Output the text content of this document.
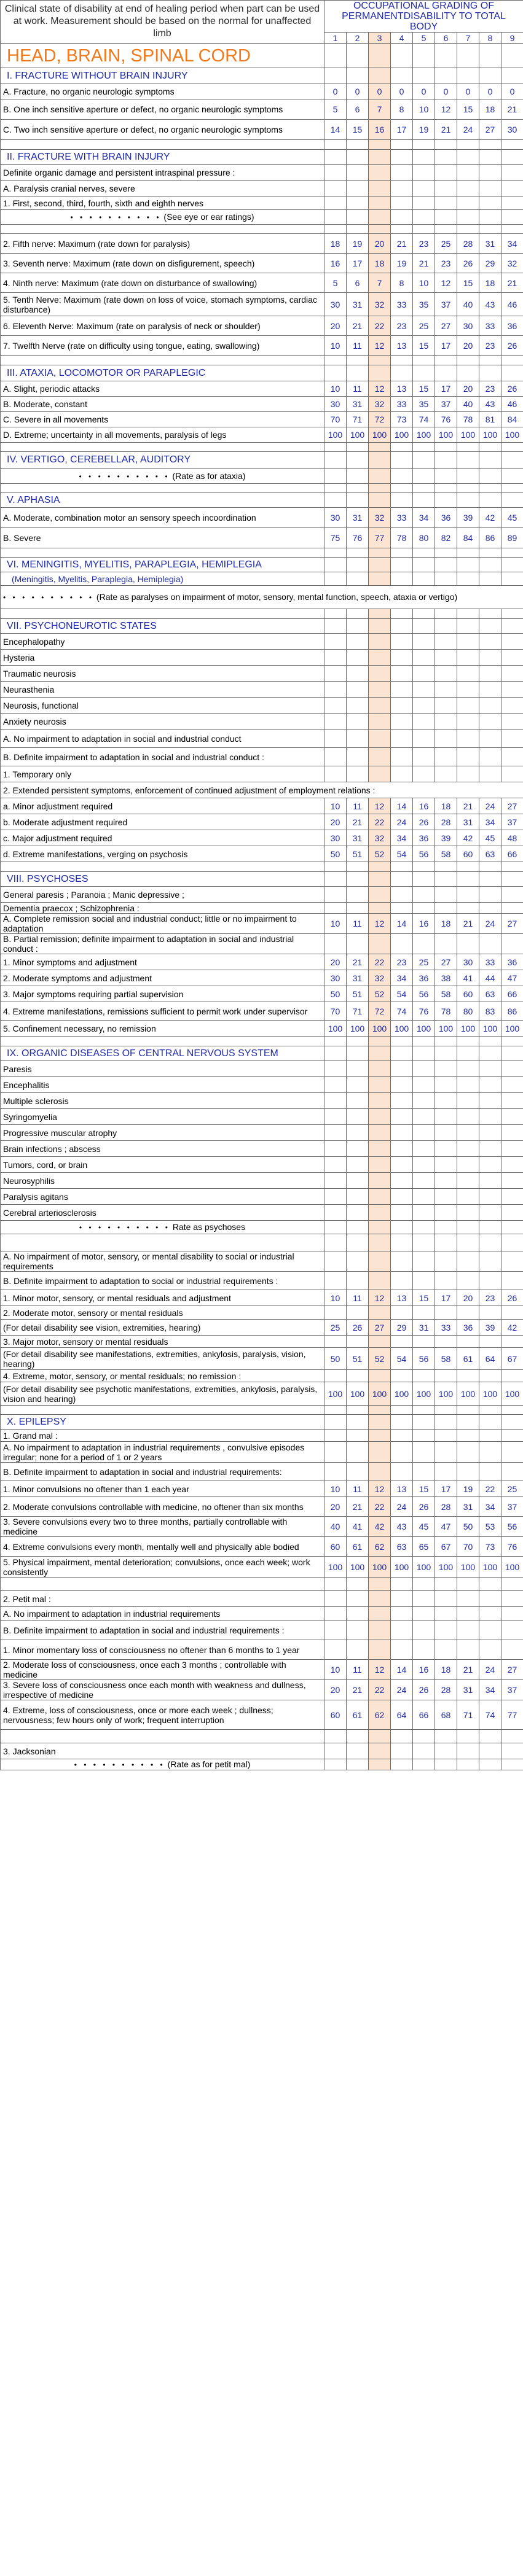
Clinical state of disability at end of healing period when part can be used at work. Measurement should be based on the normal for unaffected limb	OCCUPATIONAL GRADING OF PERMANENTDISABILITY TO TOTAL BODY								
	1	2	3	4	5	6	7	8	9
HEAD, BRAIN, SPINAL CORD									
I. FRACTURE WITHOUT BRAIN INJURY									
A. Fracture, no organic neurologic symptoms	0	0	0	0	0	0	0	0	0
B. One inch sensitive aperture or defect, no organic neurologic symptoms	5	6	7	8	10	12	15	18	21
C. Two inch sensitive aperture or defect, no organic neurologic symptoms	14	15	16	17	19	21	24	27	30

II. FRACTURE WITH BRAIN INJURY									
Definite organic damage and persistent intraspinal pressure :									
A. Paralysis cranial nerves, severe									
1. First, second, third, fourth, sixth and eighth nerves									
• • • • • • • • • • (See eye or ear ratings)									

2. Fifth nerve: Maximum (rate down for paralysis)	18	19	20	21	23	25	28	31	34
3. Seventh nerve: Maximum (rate down on disfigurement, speech)	16	17	18	19	21	23	26	29	32
4. Ninth nerve: Maximum (rate down on disturbance of swallowing)	5	6	7	8	10	12	15	18	21
5. Tenth Nerve: Maximum (rate down on loss of voice, stomach symptoms, cardiac disturbance)	30	31	32	33	35	37	40	43	46
6. Eleventh Nerve: Maximum (rate on paralysis of neck or shoulder)	20	21	22	23	25	27	30	33	36
7. Twelfth Nerve (rate on difficulty using tongue, eating, swallowing)	10	11	12	13	15	17	20	23	26

III. ATAXIA, LOCOMOTOR OR PARAPLEGIC									
A. Slight, periodic attacks	10	11	12	13	15	17	20	23	26
B. Moderate, constant	30	31	32	33	35	37	40	43	46
C. Severe in all movements	70	71	72	73	74	76	78	81	84
D. Extreme; uncertainty in all movements, paralysis of legs	100	100	100	100	100	100	100	100	100

IV. VERTIGO, CEREBELLAR, AUDITORY									
• • • • • • • • • • (Rate as for ataxia)									

V. APHASIA									
A. Moderate, combination motor an sensory speech incoordination	30	31	32	33	34	36	39	42	45
B. Severe	75	76	77	78	80	82	84	86	89

VI. MENINGITIS, MYELITIS, PARAPLEGIA, HEMIPLEGIA									
(Meningitis, Myelitis, Paraplegia, Hemiplegia)									
• • • • • • • • • • (Rate as paralyses on impairment of motor, sensory, mental function, speech, ataxia or vertigo)									

VII. PSYCHONEUROTIC STATES									
Encephalopathy									
Hysteria									
Traumatic neurosis									
Neurasthenia									
Neurosis, functional									
Anxiety neurosis									
A. No impairment to adaptation in social and industrial conduct									
B. Definite impairment to adaptation in social and industrial conduct :									
1. Temporary only									
2. Extended persistent symptoms, enforcement of continued adjustment of employment relations :									
a. Minor adjustment required	10	11	12	14	16	18	21	24	27
b. Moderate adjustment required	20	21	22	24	26	28	31	34	37
c. Major adjustment required	30	31	32	34	36	39	42	45	48
d. Extreme manifestations, verging on psychosis	50	51	52	54	56	58	60	63	66

VIII. PSYCHOSES									
General paresis ; Paranoia ; Manic depressive ;									
Dementia praecox ; Schizophrenia :									
A. Complete remission social and industrial conduct; little or no impairment to adaptation	10	11	12	14	16	18	21	24	27
B. Partial remission; definite impairment to adaptation in social and industrial conduct :									
1. Minor symptoms and adjustment	20	21	22	23	25	27	30	33	36
2. Moderate symptoms and adjustment	30	31	32	34	36	38	41	44	47
3. Major symptoms requiring partial supervision	50	51	52	54	56	58	60	63	66
4. Extreme manifestations, remissions sufficient to permit work under supervisor	70	71	72	74	76	78	80	83	86
5. Confinement necessary, no remission	100	100	100	100	100	100	100	100	100

IX. ORGANIC DISEASES OF CENTRAL NERVOUS SYSTEM									
Paresis									
Encephalitis									
Multiple sclerosis									
Syringomyelia									
Progressive muscular atrophy									
Brain infections ; abscess									
Tumors, cord, or brain									
Neurosyphilis									
Paralysis agitans									
Cerebral arteriosclerosis									
• • • • • • • • • • Rate as psychoses									

A. No impairment of motor, sensory, or mental disability to social or industrial requirements									
B. Definite impairment to adaptation to social or industrial requirements :									
1. Minor motor, sensory, or mental residuals and adjustment	10	11	12	13	15	17	20	23	26
2. Moderate motor, sensory or mental residuals									
(For detail disability see vision, extremities, hearing)	25	26	27	29	31	33	36	39	42
3. Major motor, sensory or mental residuals									
(For detail disability see manifestations, extremities, ankylosis, paralysis, vision, hearing)	50	51	52	54	56	58	61	64	67
4. Extreme, motor, sensory, or mental residuals; no remission :									
(For detail disability see psychotic manifestations, extremities, ankylosis, paralysis, vision and hearing)	100	100	100	100	100	100	100	100	100

X. EPILEPSY									
1. Grand mal :									
A. No impairment to adaptation in industrial requirements , convulsive episodes irregular; none for a period of 1 or 2 years									
B. Definite impairment to adaptation in social and industrial requirements:									
1. Minor convulsions no oftener than 1 each year	10	11	12	13	15	17	19	22	25
2. Moderate convulsions controllable with medicine, no oftener than six months	20	21	22	24	26	28	31	34	37
3. Severe convulsions every two to three months, partially controllable with medicine	40	41	42	43	45	47	50	53	56
4. Extreme convulsions every month, mentally well and physically able bodied	60	61	62	63	65	67	70	73	76
5. Physical impairment, mental deterioration; convulsions, once each week; work consistently	100	100	100	100	100	100	100	100	100

2. Petit mal :									
A. No impairment to adaptation in industrial requirements									
B. Definite impairment to adaptation in social and industrial requirements :									
1. Minor momentary loss of consciousness no oftener than 6 months to 1 year									
2. Moderate loss of consciousness, once each 3 months ; controllable with medicine	10	11	12	14	16	18	21	24	27
3. Severe loss of consciousness once each month with weakness and dullness, irrespective of medicine	20	21	22	24	26	28	31	34	37
4. Extreme, loss of consciousness, once or more each week ; dullness; nervousness; few hours only of work; frequent interruption	60	61	62	64	66	68	71	74	77

3. Jacksonian									
• • • • • • • • • • (Rate as for petit mal)									
